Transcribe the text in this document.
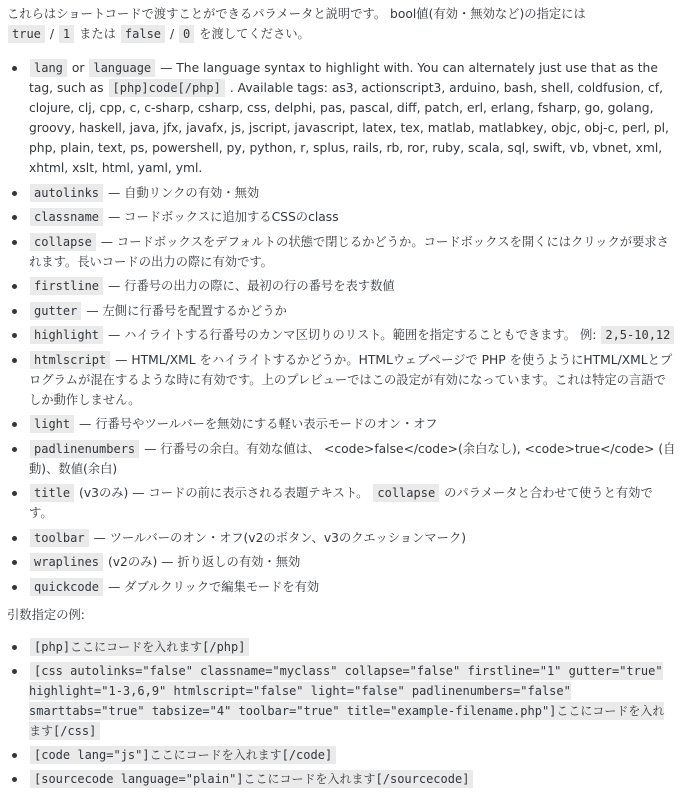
これらはショートコードで渡すことができるパラメータと説明です。 bool値(有効・無効など)の指定には
true / 1 または false / 0 を渡してください。

lang or language — The language syntax to highlight with. You can alternately just use that as the tag, such as [php]code[/php] . Available tags: as3, actionscript3, arduino, bash, shell, coldfusion, cf, clojure, clj, cpp, c, c-sharp, csharp, css, delphi, pas, pascal, diff, patch, erl, erlang, fsharp, go, golang, groovy, haskell, java, jfx, javafx, js, jscript, javascript, latex, tex, matlab, matlabkey, objc, obj-c, perl, pl, php, plain, text, ps, powershell, py, python, r, splus, rails, rb, ror, ruby, scala, sql, swift, vb, vbnet, xml, xhtml, xslt, html, yaml, yml.
autolinks — 自動リンクの有効・無効
classname — コードボックスに追加するCSSのclass
collapse — コードボックスをデフォルトの状態で閉じるかどうか。コードボックスを開くにはクリックが要求されます。長いコードの出力の際に有効です。
firstline — 行番号の出力の際に、最初の行の番号を表す数値
gutter — 左側に行番号を配置するかどうか
highlight — ハイライトする行番号のカンマ区切りのリスト。範囲を指定することもできます。 例: 2,5-10,12
htmlscript — HTML/XML をハイライトするかどうか。HTMLウェブページで PHP を使うようにHTML/XMLとプログラムが混在するような時に有効です。上のプレビューではこの設定が有効になっています。これは特定の言語でしか動作しません。
light — 行番号やツールバーを無効にする軽い表示モードのオン・オフ
padlinenumbers — 行番号の余白。有効な値は、 <code>false</code>(余白なし), <code>true</code> (自動)、数値(余白)
title (v3のみ) — コードの前に表示される表題テキスト。 collapse のパラメータと合わせて使うと有効です。
toolbar — ツールバーのオン・オフ(v2のボタン、v3のクエッションマーク)
wraplines (v2のみ) — 折り返しの有効・無効
quickcode — ダブルクリックで編集モードを有効

引数指定の例:

[php]ここにコードを入れます[/php]
[css autolinks="false" classname="myclass" collapse="false" firstline="1" gutter="true" highlight="1-3,6,9" htmlscript="false" light="false" padlinenumbers="false" smarttabs="true" tabsize="4" toolbar="true" title="example-filename.php"]ここにコードを入れます[/css]
[code lang="js"]ここにコードを入れます[/code]
[sourcecode language="plain"]ここにコードを入れます[/sourcecode]
